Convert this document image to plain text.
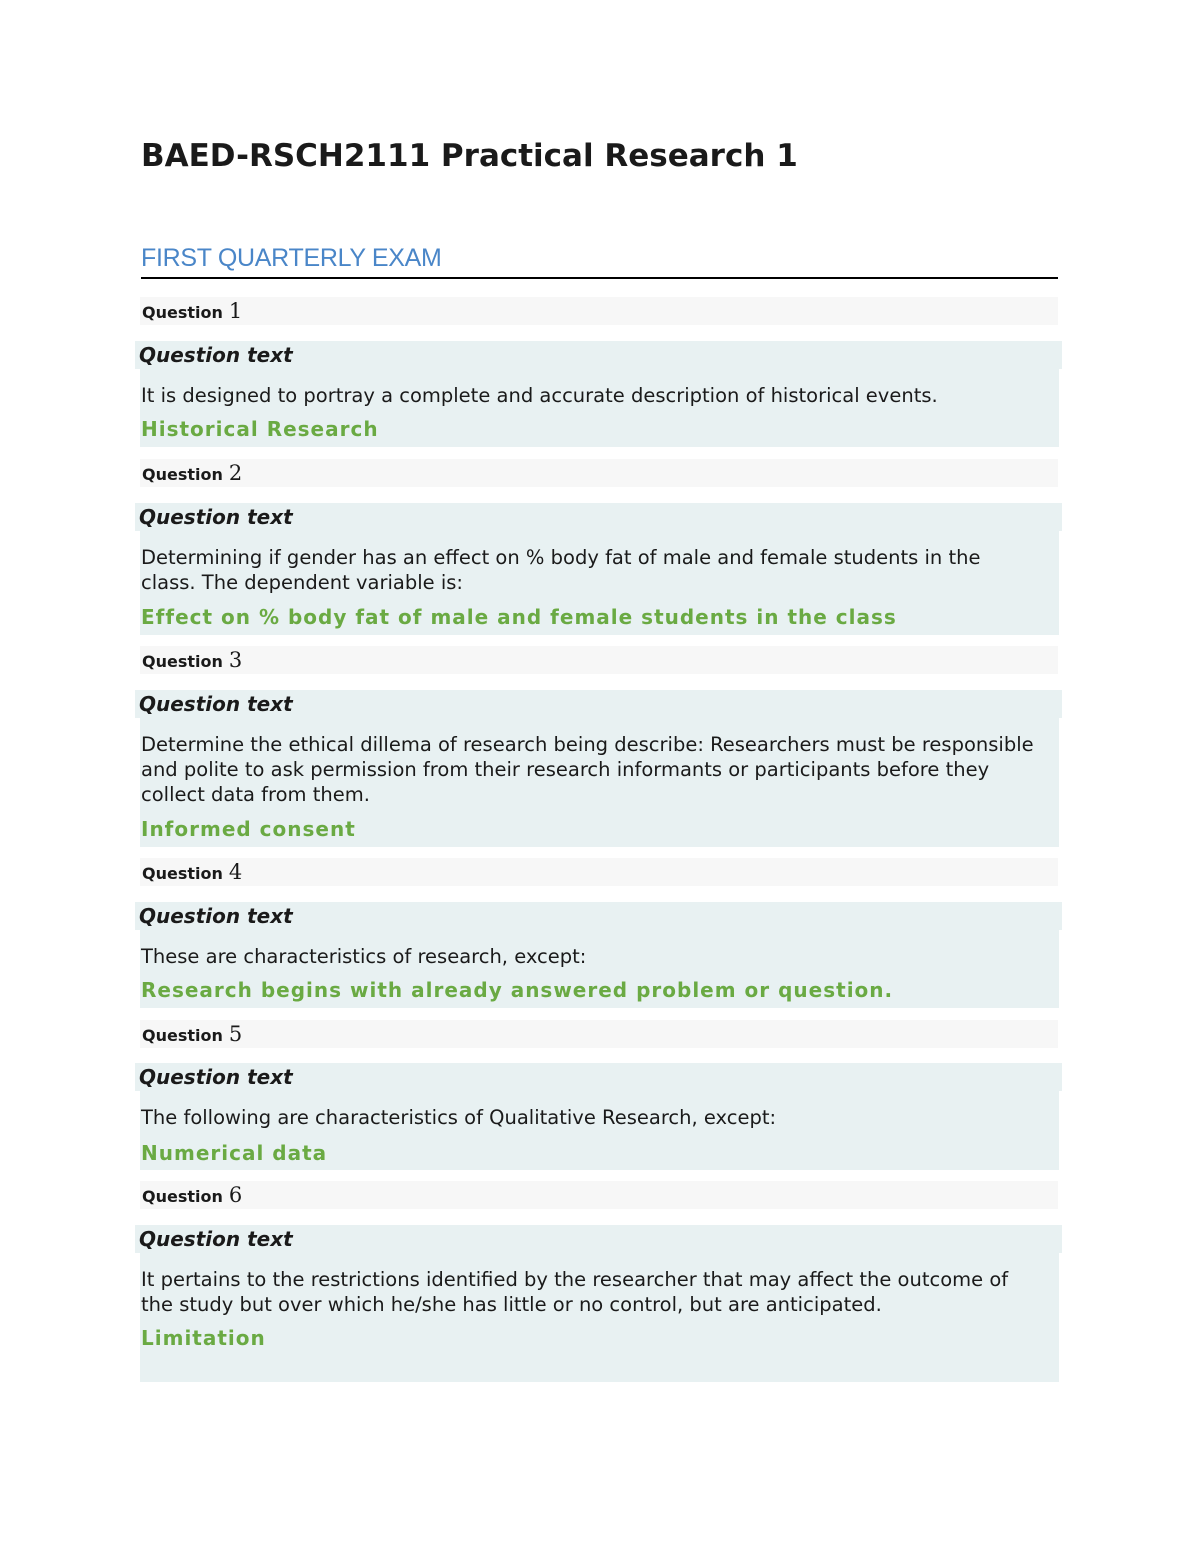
BAED-RSCH2111 Practical Research 1
FIRST QUARTERLY EXAM
Question 1
Question text

It is designed to portray a complete and accurate description of historical events.

Historical Research

Question 2
Question text

Determining if gender has an effect on % body fat of male and female students in the class. The dependent variable is:

Effect on % body fat of male and female students in the class

Question 3
Question text

Determine the ethical dillema of research being describe: Researchers must be responsible and polite to ask permission from their research informants or participants before they collect data from them.

Informed consent

Question 4
Question text

These are characteristics of research, except:

Research begins with already answered problem or question.

Question 5
Question text

The following are characteristics of Qualitative Research, except:

Numerical data

Question 6
Question text

It pertains to the restrictions identified by the researcher that may affect the outcome of the study but over which he/she has little or no control, but are anticipated.

Limitation
